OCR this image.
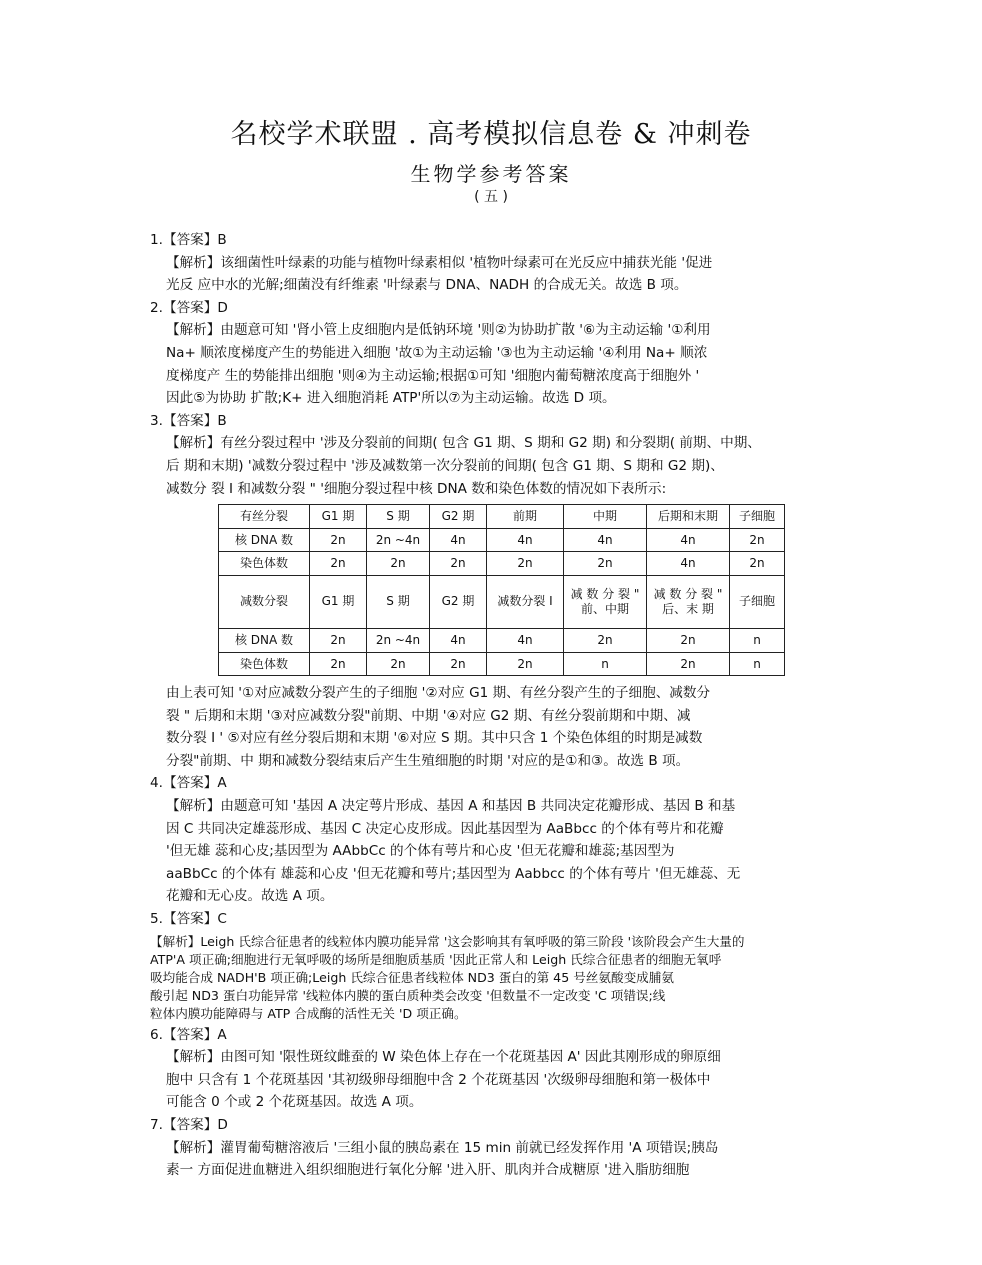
名校学术联盟 . 高考模拟信息卷 & 冲刺卷
生物学参考答案
( 五 )
1.【答案】B
【解析】该细菌性叶绿素的功能与植物叶绿素相似 '植物叶绿素可在光反应中捕获光能 '促进
光反 应中水的光解;细菌没有纤维素 '叶绿素与 DNA、NADH 的合成无关。故选 B 项。
2.【答案】D
【解析】由题意可知 '肾小管上皮细胞内是低钠环境 '则②为协助扩散 '⑥为主动运输 '①利用
Na+ 顺浓度梯度产生的势能进入细胞 '故①为主动运输 '③也为主动运输 '④利用 Na+ 顺浓
度梯度产 生的势能排出细胞 '则④为主动运输;根据①可知 '细胞内葡萄糖浓度高于细胞外 '
因此⑤为协助 扩散;K+ 进入细胞消耗 ATP'所以⑦为主动运输。故选 D 项。
3.【答案】B
【解析】有丝分裂过程中 '涉及分裂前的间期( 包含 G1 期、S 期和 G2 期) 和分裂期( 前期、中期、
后 期和末期) '减数分裂过程中 '涉及减数第一次分裂前的间期( 包含 G1 期、S 期和 G2 期)、
减数分 裂 Ⅰ 和减数分裂 " '细胞分裂过程中核 DNA 数和染色体数的情况如下表所示:
有丝分裂	G1 期	S 期	G2 期	前期	中期	后期和末期	子细胞
核 DNA 数	2n	2n ~4n	4n	4n	4n	4n	2n
染色体数	2n	2n	2n	2n	2n	4n	2n
减数分裂	G1 期	S 期	G2 期	减数分裂 Ⅰ	减 数 分 裂 " 前、中期	减 数 分 裂 " 后、末 期	子细胞
核 DNA 数	2n	2n ~4n	4n	4n	2n	2n	n
染色体数	2n	2n	2n	2n	n	2n	n
由上表可知 '①对应减数分裂产生的子细胞 '②对应 G1 期、有丝分裂产生的子细胞、减数分
裂 " 后期和末期 '③对应减数分裂"前期、中期 '④对应 G2 期、有丝分裂前期和中期、减
数分裂 Ⅰ ' ⑤对应有丝分裂后期和末期 '⑥对应 S 期。其中只含 1 个染色体组的时期是减数
分裂"前期、中 期和减数分裂结束后产生生殖细胞的时期 '对应的是①和③。故选 B 项。
4.【答案】A
【解析】由题意可知 '基因 A 决定萼片形成、基因 A 和基因 B 共同决定花瓣形成、基因 B 和基
因 C 共同决定雄蕊形成、基因 C 决定心皮形成。因此基因型为 AaBbcc 的个体有萼片和花瓣
'但无雄 蕊和心皮;基因型为 AAbbCc 的个体有萼片和心皮 '但无花瓣和雄蕊;基因型为
aaBbCc 的个体有 雄蕊和心皮 '但无花瓣和萼片;基因型为 Aabbcc 的个体有萼片 '但无雄蕊、无
花瓣和无心皮。故选 A 项。
5.【答案】C
【解析】Leigh 氏综合征患者的线粒体内膜功能异常 '这会影响其有氧呼吸的第三阶段 '该阶段会产生大量的
ATP'A 项正确;细胞进行无氧呼吸的场所是细胞质基质 '因此正常人和 Leigh 氏综合征患者的细胞无氧呼
吸均能合成 NADH'B 项正确;Leigh 氏综合征患者线粒体 ND3 蛋白的第 45 号丝氨酸变成脯氨
酸引起 ND3 蛋白功能异常 '线粒体内膜的蛋白质种类会改变 '但数量不一定改变 'C 项错误;线
粒体内膜功能障碍与 ATP 合成酶的活性无关 'D 项正确。
6.【答案】A
【解析】由图可知 '限性斑纹雌蚕的 W 染色体上存在一个花斑基因 A' 因此其刚形成的卵原细
胞中 只含有 1 个花斑基因 '其初级卵母细胞中含 2 个花斑基因 '次级卵母细胞和第一极体中
可能含 0 个或 2 个花斑基因。故选 A 项。
7.【答案】D
【解析】灌胃葡萄糖溶液后 '三组小鼠的胰岛素在 15 min 前就已经发挥作用 'A 项错误;胰岛
素一 方面促进血糖进入组织细胞进行氧化分解 '进入肝、肌肉并合成糖原 '进入脂肪细胞
